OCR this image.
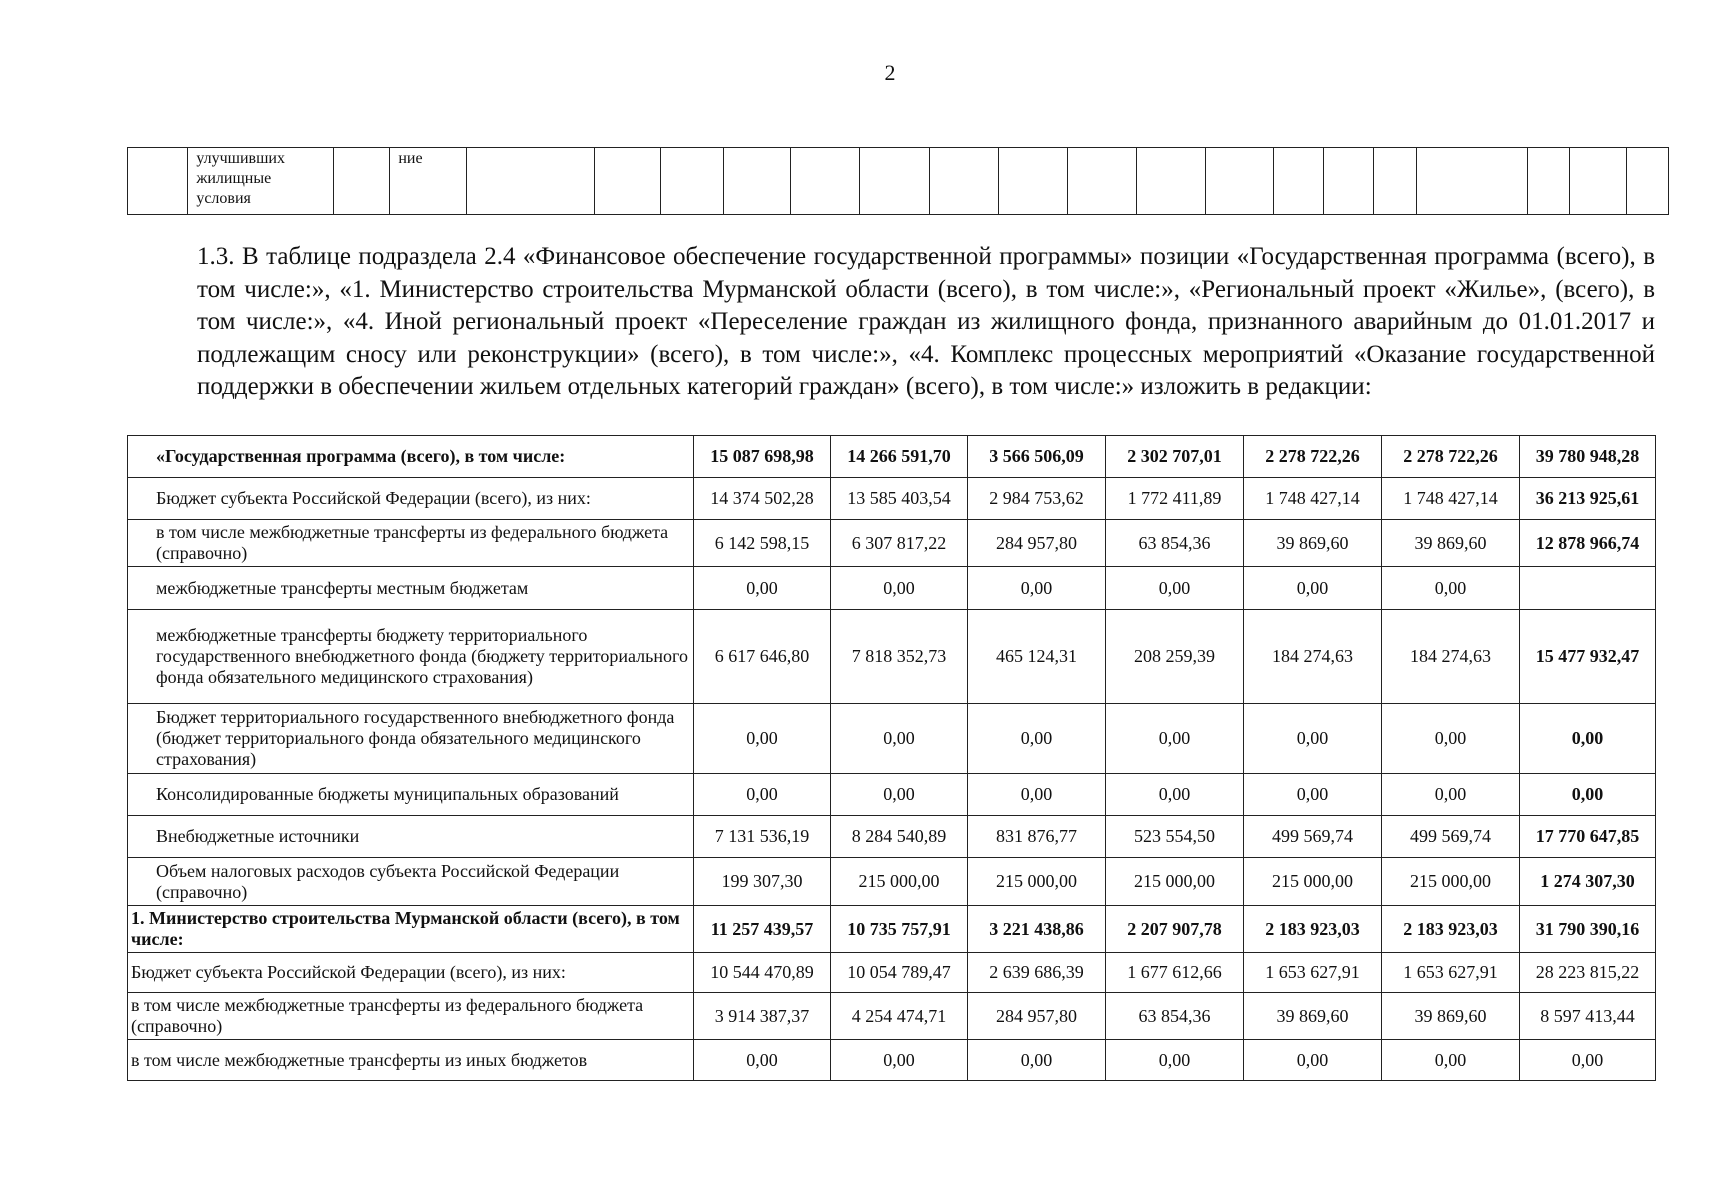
2
	улучшивших жилищные условия		ние																		
1.3. В таблице подраздела 2.4 «Финансовое обеспечение государственной программы» позиции «Государственная программа (всего), в том числе:», «1. Министерство строительства Мурманской области (всего), в том числе:», «Региональный проект «Жилье», (всего), в том числе:», «4. Иной региональный проект «Переселение граждан из жилищного фонда, признанного аварийным до 01.01.2017 и подлежащим сносу или реконструкции» (всего), в том числе:», «4. Комплекс процессных мероприятий «Оказание государственной поддержки в обеспечении жильем отдельных категорий граждан» (всего), в том числе:» изложить в редакции:
«Государственная программа (всего), в том числе:	15 087 698,98	14 266 591,70	3 566 506,09	2 302 707,01	2 278 722,26	2 278 722,26	39 780 948,28
Бюджет субъекта Российской Федерации (всего), из них:	14 374 502,28	13 585 403,54	2 984 753,62	1 772 411,89	1 748 427,14	1 748 427,14	36 213 925,61
в том числе межбюджетные трансферты из федерального бюджета (справочно)	6 142 598,15	6 307 817,22	284 957,80	63 854,36	39 869,60	39 869,60	12 878 966,74
межбюджетные трансферты местным бюджетам	0,00	0,00	0,00	0,00	0,00	0,00	
межбюджетные трансферты бюджету территориального государственного внебюджетного фонда (бюджету территориального фонда обязательного медицинского страхования)	6 617 646,80	7 818 352,73	465 124,31	208 259,39	184 274,63	184 274,63	15 477 932,47
Бюджет территориального государственного внебюджетного фонда (бюджет территориального фонда обязательного медицинского страхования)	0,00	0,00	0,00	0,00	0,00	0,00	0,00
Консолидированные бюджеты муниципальных образований	0,00	0,00	0,00	0,00	0,00	0,00	0,00
Внебюджетные источники	7 131 536,19	8 284 540,89	831 876,77	523 554,50	499 569,74	499 569,74	17 770 647,85
Объем налоговых расходов субъекта Российской Федерации (справочно)	199 307,30	215 000,00	215 000,00	215 000,00	215 000,00	215 000,00	1 274 307,30
1. Министерство строительства Мурманской области (всего), в том числе:	11 257 439,57	10 735 757,91	3 221 438,86	2 207 907,78	2 183 923,03	2 183 923,03	31 790 390,16
Бюджет субъекта Российской Федерации (всего), из них:	10 544 470,89	10 054 789,47	2 639 686,39	1 677 612,66	1 653 627,91	1 653 627,91	28 223 815,22
в том числе межбюджетные трансферты из федерального бюджета (справочно)	3 914 387,37	4 254 474,71	284 957,80	63 854,36	39 869,60	39 869,60	8 597 413,44
в том числе межбюджетные трансферты из иных бюджетов	0,00	0,00	0,00	0,00	0,00	0,00	0,00
